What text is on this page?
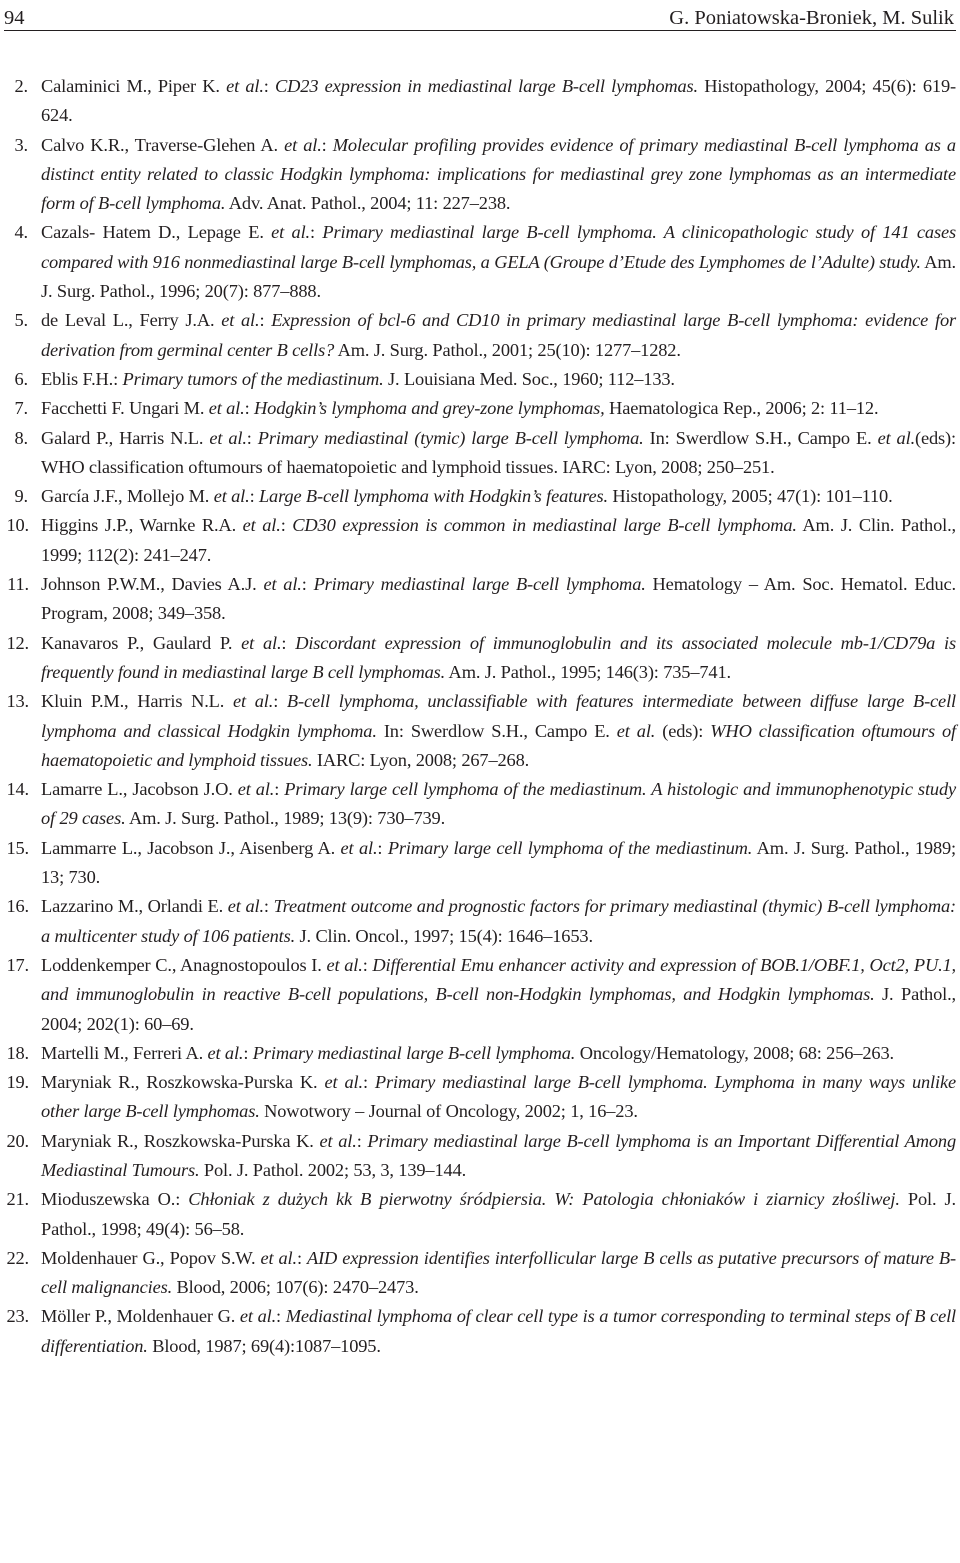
94	G. Poniatowska-Broniek, M. Sulik
2. Calaminici M., Piper K. et al.: CD23 expression in mediastinal large B-cell lymphomas. Histopathology, 2004; 45(6): 619-624.
3. Calvo K.R., Traverse-Glehen A. et al.: Molecular profiling provides evidence of primary mediastinal B-cell lymphoma as a distinct entity related to classic Hodgkin lymphoma: implications for mediastinal grey zone lymphomas as an intermediate form of B-cell lymphoma. Adv. Anat. Pathol., 2004; 11: 227–238.
4. Cazals- Hatem D., Lepage E. et al.: Primary mediastinal large B-cell lymphoma. A clinicopathologic study of 141 cases compared with 916 nonmediastinal large B-cell lymphomas, a GELA (Groupe d’Etude des Lymphomes de l’Adulte) study. Am. J. Surg. Pathol., 1996; 20(7): 877–888.
5. de Leval L., Ferry J.A. et al.: Expression of bcl-6 and CD10 in primary mediastinal large B-cell lymphoma: evidence for derivation from germinal center B cells? Am. J. Surg. Pathol., 2001; 25(10): 1277–1282.
6. Eblis F.H.: Primary tumors of the mediastinum. J. Louisiana Med. Soc., 1960; 112–133.
7. Facchetti F. Ungari M. et al.: Hodgkin’s lymphoma and grey-zone lymphomas, Haematologica Rep., 2006; 2: 11–12.
8. Galard P., Harris N.L. et al.: Primary mediastinal (tymic) large B-cell lymphoma. In: Swerdlow S.H., Campo E. et al.(eds): WHO classification oftumours of haematopoietic and lymphoid tissues. IARC: Lyon, 2008; 250–251.
9. García J.F., Mollejo M. et al.: Large B-cell lymphoma with Hodgkin’s features. Histopathology, 2005; 47(1): 101–110.
10. Higgins J.P., Warnke R.A. et al.: CD30 expression is common in mediastinal large B-cell lymphoma. Am. J. Clin. Pathol., 1999; 112(2): 241–247.
11. Johnson P.W.M., Davies A.J. et al.: Primary mediastinal large B-cell lymphoma. Hematology – Am. Soc. Hematol. Educ. Program, 2008; 349–358.
12. Kanavaros P., Gaulard P. et al.: Discordant expression of immunoglobulin and its associated molecule mb-1/CD79a is frequently found in mediastinal large B cell lymphomas. Am. J. Pathol., 1995; 146(3): 735–741.
13. Kluin P.M., Harris N.L. et al.: B-cell lymphoma, unclassifiable with features intermediate between diffuse large B-cell lymphoma and classical Hodgkin lymphoma. In: Swerdlow S.H., Campo E. et al. (eds): WHO classification oftumours of haematopoietic and lymphoid tissues. IARC: Lyon, 2008; 267–268.
14. Lamarre L., Jacobson J.O. et al.: Primary large cell lymphoma of the mediastinum. A histologic and immunophenotypic study of 29 cases. Am. J. Surg. Pathol., 1989; 13(9): 730–739.
15. Lammarre L., Jacobson J., Aisenberg A. et al.: Primary large cell lymphoma of the mediastinum. Am. J. Surg. Pathol., 1989; 13; 730.
16. Lazzarino M., Orlandi E. et al.: Treatment outcome and prognostic factors for primary mediastinal (thymic) B-cell lymphoma: a multicenter study of 106 patients. J. Clin. Oncol., 1997; 15(4): 1646–1653.
17. Loddenkemper C., Anagnostopoulos I. et al.: Differential Emu enhancer activity and expression of BOB.1/OBF.1, Oct2, PU.1, and immunoglobulin in reactive B-cell populations, B-cell non-Hodgkin lymphomas, and Hodgkin lymphomas. J. Pathol., 2004; 202(1): 60–69.
18. Martelli M., Ferreri A. et al.: Primary mediastinal large B-cell lymphoma. Oncology/Hematology, 2008; 68: 256–263.
19. Maryniak R., Roszkowska-Purska K. et al.: Primary mediastinal large B-cell lymphoma. Lymphoma in many ways unlike other large B-cell lymphomas. Nowotwory – Journal of Oncology, 2002; 1, 16–23.
20. Maryniak R., Roszkowska-Purska K. et al.: Primary mediastinal large B-cell lymphoma is an Important Differential Among Mediastinal Tumours. Pol. J. Pathol. 2002; 53, 3, 139–144.
21. Mioduszewska O.: Chłoniak z dużych kk B pierwotny śródpiersia. W: Patologia chłoniaków i ziarnicy złośliwej. Pol. J. Pathol., 1998; 49(4): 56–58.
22. Moldenhauer G., Popov S.W. et al.: AID expression identifies interfollicular large B cells as putative precursors of mature B-cell malignancies. Blood, 2006; 107(6): 2470–2473.
23. Möller P., Moldenhauer G. et al.: Mediastinal lymphoma of clear cell type is a tumor corresponding to terminal steps of B cell differentiation. Blood, 1987; 69(4):1087–1095.
